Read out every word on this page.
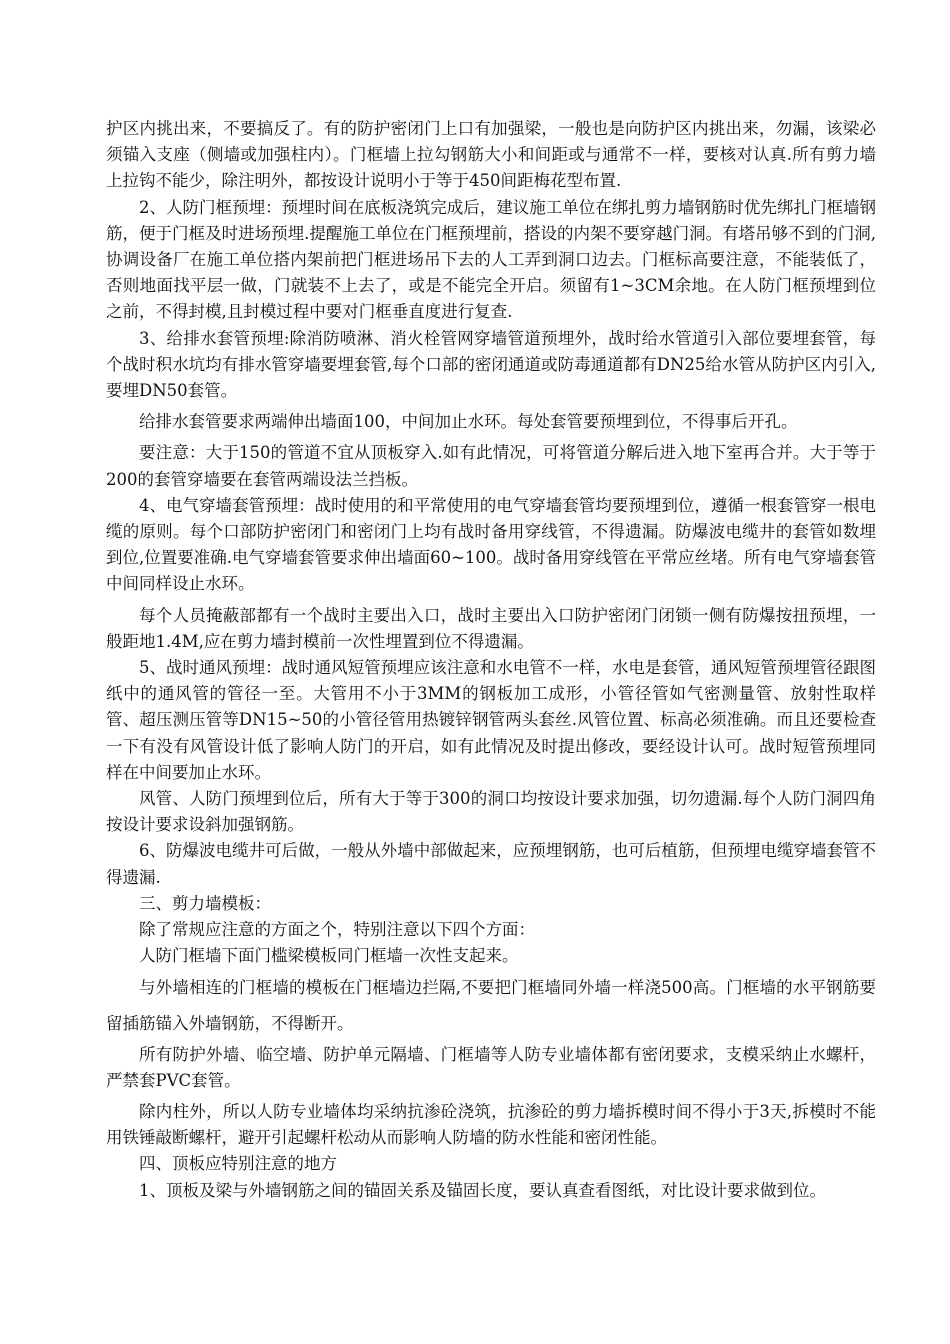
护区内挑出来，不要搞反了。有的防护密闭门上口有加强梁，一般也是向防护区内挑出来，勿漏，该梁必须锚入支座（侧墙或加强柱内）。门框墙上拉勾钢筋大小和间距或与通常不一样，要核对认真.所有剪力墙上拉钩不能少，除注明外，都按设计说明小于等于450间距梅花型布置.

2、人防门框预埋：预埋时间在底板浇筑完成后，建议施工单位在绑扎剪力墙钢筋时优先绑扎门框墙钢筋，便于门框及时进场预埋.提醒施工单位在门框预埋前，搭设的内架不要穿越门洞。有塔吊够不到的门洞,协调设备厂在施工单位搭内架前把门框进场吊下去的人工弄到洞口边去。门框标高要注意，不能装低了，否则地面找平层一做，门就装不上去了，或是不能完全开启。须留有1~3CM余地。在人防门框预埋到位之前，不得封模,且封模过程中要对门框垂直度进行复查.

3、给排水套管预埋:除消防喷淋、消火栓管网穿墙管道预埋外，战时给水管道引入部位要埋套管，每个战时积水坑均有排水管穿墙要埋套管,每个口部的密闭通道或防毒通道都有DN25给水管从防护区内引入,要埋DN50套管。

给排水套管要求两端伸出墙面100，中间加止水环。每处套管要预埋到位，不得事后开孔。

要注意：大于150的管道不宜从顶板穿入.如有此情况，可将管道分解后进入地下室再合并。大于等于200的套管穿墙要在套管两端设法兰挡板。

4、电气穿墙套管预埋：战时使用的和平常使用的电气穿墙套管均要预埋到位，遵循一根套管穿一根电缆的原则。每个口部防护密闭门和密闭门上均有战时备用穿线管，不得遗漏。防爆波电缆井的套管如数埋到位,位置要准确.电气穿墙套管要求伸出墙面60~100。战时备用穿线管在平常应丝堵。所有电气穿墙套管中间同样设止水环。

每个人员掩蔽部都有一个战时主要出入口，战时主要出入口防护密闭门闭锁一侧有防爆按扭预埋，一般距地1.4M,应在剪力墙封模前一次性埋置到位不得遗漏。

5、战时通风预埋：战时通风短管预埋应该注意和水电管不一样，水电是套管，通风短管预埋管径跟图纸中的通风管的管径一至。大管用不小于3MM的钢板加工成形，小管径管如气密测量管、放射性取样管、超压测压管等DN15~50的小管径管用热镀锌钢管两头套丝.风管位置、标高必须准确。而且还要检查一下有没有风管设计低了影响人防门的开启，如有此情况及时提出修改，要经设计认可。战时短管预埋同样在中间要加止水环。

风管、人防门预埋到位后，所有大于等于300的洞口均按设计要求加强，切勿遗漏.每个人防门洞四角按设计要求设斜加强钢筋。

6、防爆波电缆井可后做，一般从外墙中部做起来，应预埋钢筋，也可后植筋，但预埋电缆穿墙套管不得遗漏.

三、剪力墙模板：

除了常规应注意的方面之个，特别注意以下四个方面：

人防门框墙下面门槛梁模板同门框墙一次性支起来。

与外墙相连的门框墙的模板在门框墙边拦隔,不要把门框墙同外墙一样浇500高。门框墙的水平钢筋要留插筋锚入外墙钢筋，不得断开。

所有防护外墙、临空墙、防护单元隔墙、门框墙等人防专业墙体都有密闭要求，支模采纳止水螺杆，严禁套PVC套管。

除内柱外，所以人防专业墙体均采纳抗渗砼浇筑，抗渗砼的剪力墙拆模时间不得小于3天,拆模时不能用铁锤敲断螺杆，避开引起螺杆松动从而影响人防墙的防水性能和密闭性能。

四、顶板应特别注意的地方

1、顶板及梁与外墙钢筋之间的锚固关系及锚固长度，要认真查看图纸，对比设计要求做到位。
